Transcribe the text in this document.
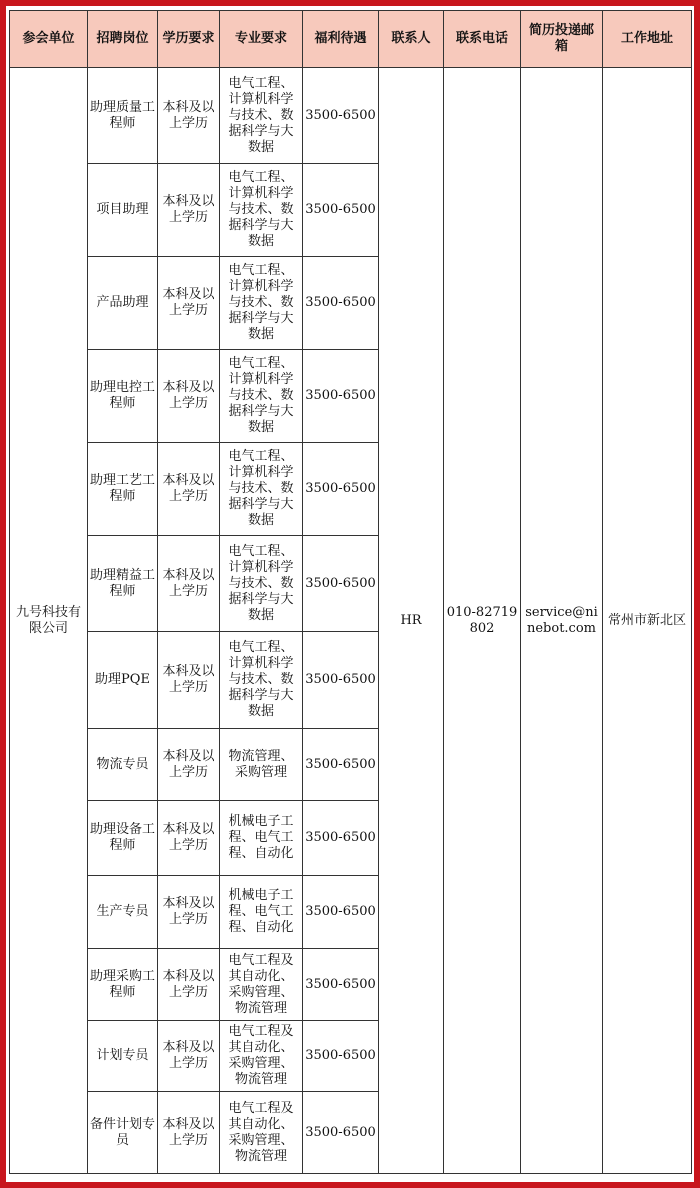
参会单位	招聘岗位	学历要求	专业要求	福利待遇	联系人	联系电话	简历投递邮箱	工作地址
九号科技有限公司	助理质量工程师	本科及以上学历	电气工程、计算机科学与技术、数据科学与大数据	3500-6500	HR	010-82719802	service@ninebot.com	常州市新北区
	项目助理	本科及以上学历	电气工程、计算机科学与技术、数据科学与大数据	3500-6500				
	产品助理	本科及以上学历	电气工程、计算机科学与技术、数据科学与大数据	3500-6500				
	助理电控工程师	本科及以上学历	电气工程、计算机科学与技术、数据科学与大数据	3500-6500				
	助理工艺工程师	本科及以上学历	电气工程、计算机科学与技术、数据科学与大数据	3500-6500				
	助理精益工程师	本科及以上学历	电气工程、计算机科学与技术、数据科学与大数据	3500-6500				
	助理PQE	本科及以上学历	电气工程、计算机科学与技术、数据科学与大数据	3500-6500				
	物流专员	本科及以上学历	物流管理、采购管理	3500-6500				
	助理设备工程师	本科及以上学历	机械电子工程、电气工程、自动化	3500-6500				
	生产专员	本科及以上学历	机械电子工程、电气工程、自动化	3500-6500				
	助理采购工程师	本科及以上学历	电气工程及其自动化、采购管理、物流管理	3500-6500				
	计划专员	本科及以上学历	电气工程及其自动化、采购管理、物流管理	3500-6500				
	备件计划专员	本科及以上学历	电气工程及其自动化、采购管理、物流管理	3500-6500				
